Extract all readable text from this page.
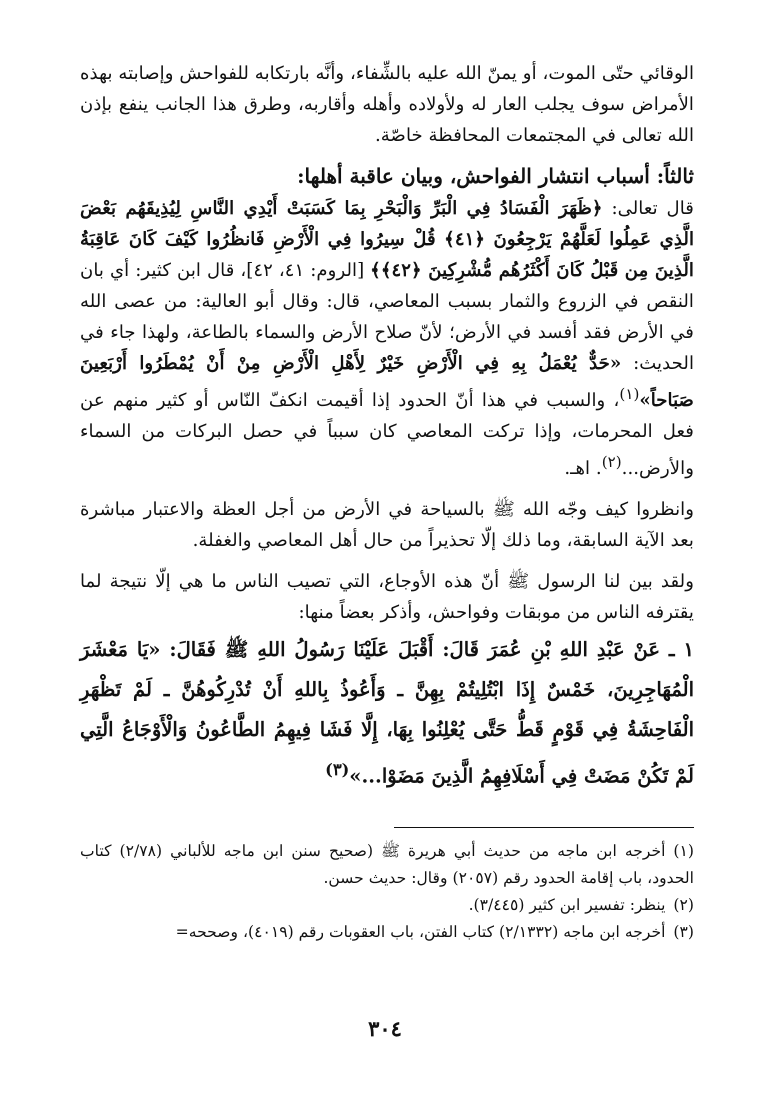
الوقائي حتّى الموت، أو يمنّ الله عليه بالشِّفاء، وأنَّه بارتكابه للفواحش وإصابته بهذه الأمراض سوف يجلب العار له ولأولاده وأهله وأقاربه، وطرق هذا الجانب ينفع بإذن الله تعالى في المجتمعات المحافظة خاصّة.

ثالثاً: أسباب انتشار الفواحش، وبيان عاقبة أهلها:

قال تعالى: ﴿ظَهَرَ الْفَسَادُ فِي الْبَرِّ وَالْبَحْرِ بِمَا كَسَبَتْ أَيْدِي النَّاسِ لِيُذِيقَهُم بَعْضَ الَّذِي عَمِلُوا لَعَلَّهُمْ يَرْجِعُونَ ﴿٤١﴾ قُلْ سِيرُوا فِي الْأَرْضِ فَانظُرُوا كَيْفَ كَانَ عَاقِبَةُ الَّذِينَ مِن قَبْلُ كَانَ أَكْثَرُهُم مُّشْرِكِينَ ﴿٤٢﴾﴾ [الروم: ٤١، ٤٢]، قال ابن كثير: أي بان النقص في الزروع والثمار بسبب المعاصي، قال: وقال أبو العالية: من عصى الله في الأرض فقد أفسد في الأرض؛ لأنّ صلاح الأرض والسماء بالطاعة، ولهذا جاء في الحديث: «حَدٌّ يُعْمَلُ بِهِ فِي الْأَرْضِ خَيْرٌ لِأَهْلِ الْأَرْضِ مِنْ أَنْ يُمْطَرُوا أَرْبَعِينَ صَبَاحاً»$^{(١)}$، والسبب في هذا أنّ الحدود إذا أقيمت انكفّ النّاس أو كثير منهم عن فعل المحرمات، وإذا تركت المعاصي كان سبباً في حصل البركات من السماء والأرض...$^{(٢)}$. اهـ.

وانظروا كيف وجّه الله ﷺ بالسياحة في الأرض من أجل العظة والاعتبار مباشرة بعد الآية السابقة، وما ذلك إلّا تحذيراً من حال أهل المعاصي والغفلة.

ولقد بين لنا الرسول ﷺ أنّ هذه الأوجاع، التي تصيب الناس ما هي إلّا نتيجة لما يقترفه الناس من موبقات وفواحش، وأذكر بعضاً منها:

١ ـ عَنْ عَبْدِ اللهِ بْنِ عُمَرَ قَالَ: أَقْبَلَ عَلَيْنَا رَسُولُ اللهِ ﷺ فَقَالَ: «يَا مَعْشَرَ الْمُهَاجِرِينَ، خَمْسٌ إِذَا ابْتُلِيتُمْ بِهِنَّ ـ وَأَعُوذُ بِاللهِ أَنْ تُدْرِكُوهُنَّ ـ لَمْ تَظْهَرِ الْفَاحِشَةُ فِي قَوْمٍ قَطُّ حَتَّى يُعْلِنُوا بِهَا، إِلَّا فَشَا فِيهِمُ الطَّاعُونُ وَالْأَوْجَاعُ الَّتِي لَمْ تَكُنْ مَضَتْ فِي أَسْلَافِهِمُ الَّذِينَ مَضَوْا...»$^{(٣)}$

(١)أخرجه ابن ماجه من حديث أبي هريرة ﷺ (صحيح سنن ابن ماجه للألباني (٢/٧٨) كتاب الحدود، باب إقامة الحدود رقم (٢٠٥٧) وقال: حديث حسن.

(٢)ينظر: تفسير ابن كثير (٣/٤٤٥).

(٣)أخرجه ابن ماجه (٢/١٣٣٢) كتاب الفتن، باب العقوبات رقم (٤٠١٩)، وصححه=

٣٠٤
